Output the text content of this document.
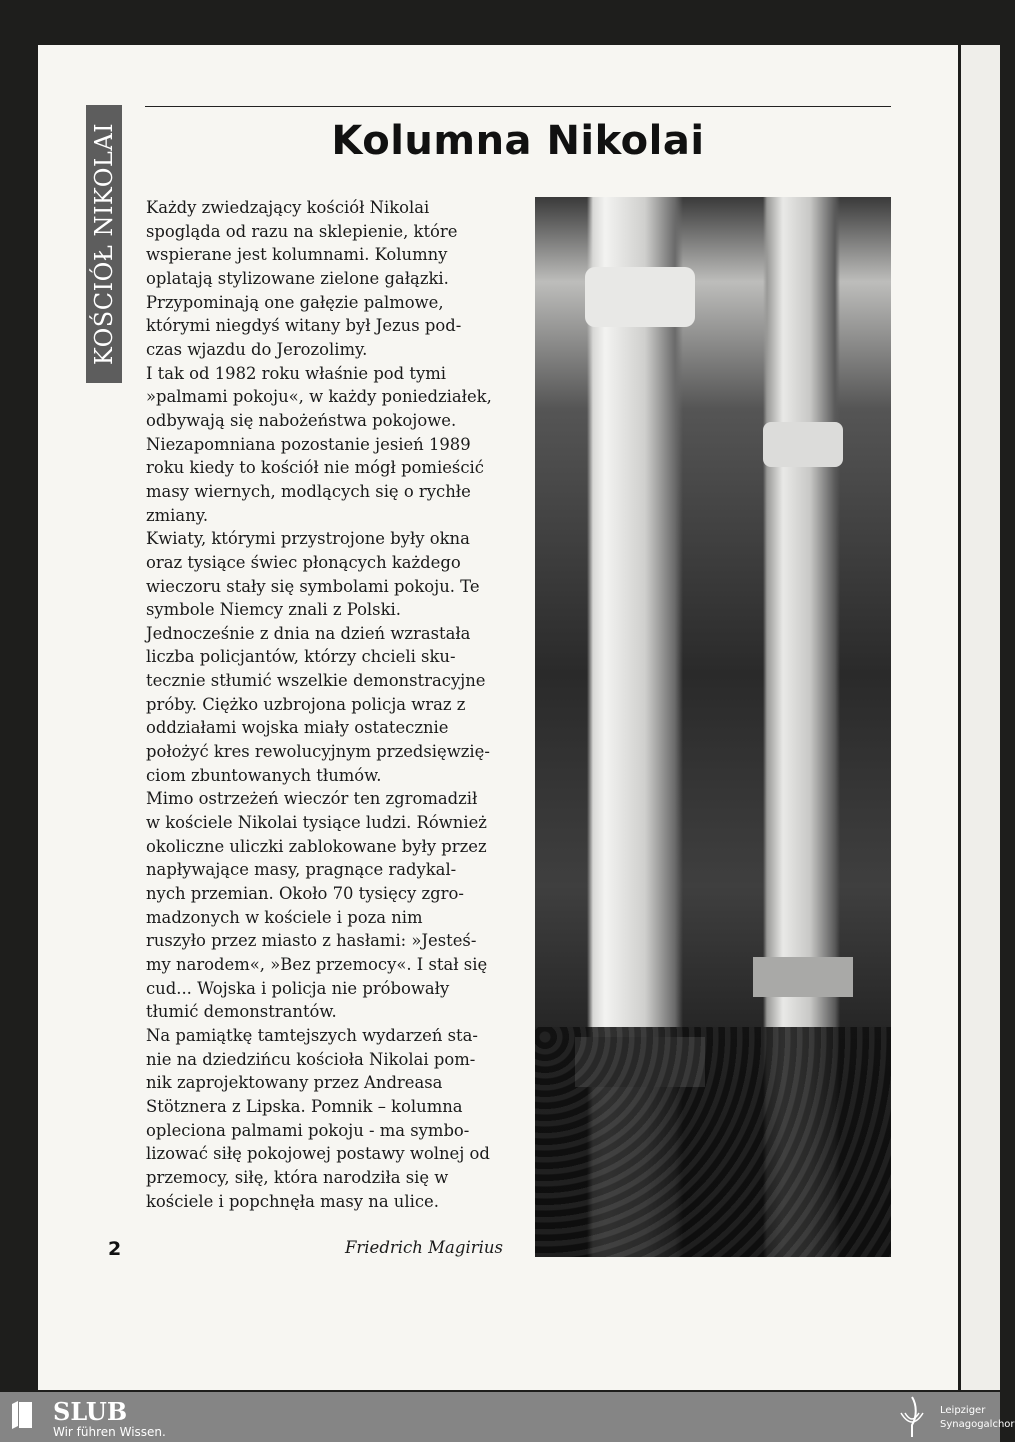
KOŚCIÓŁ NIKOLAI	Kolumna Nikolai
Każdy zwiedzający kościół Nikolai
spogląda od razu na sklepienie, które
wspierane jest kolumnami. Kolumny
oplatają stylizowane zielone gałązki.
Przypominają one gałęzie palmowe,
którymi niegdyś witany był Jezus pod-
czas wjazdu do Jerozolimy.
I tak od 1982 roku właśnie pod tymi
»palmami pokoju«, w każdy poniedziałek,
odbywają się nabożeństwa pokojowe.
Niezapomniana pozostanie jesień 1989
roku kiedy to kościół nie mógł pomieścić
masy wiernych, modlących się o rychłe
zmiany.
Kwiaty, którymi przystrojone były okna
oraz tysiące świec płonących każdego
wieczoru stały się symbolami pokoju. Te
symbole Niemcy znali z Polski.
Jednocześnie z dnia na dzień wzrastała
liczba policjantów, którzy chcieli sku-
tecznie stłumić wszelkie demonstracyjne
próby. Ciężko uzbrojona policja wraz z
oddziałami wojska miały ostatecznie
położyć kres rewolucyjnym przedsięwzię-
ciom zbuntowanych tłumów.
Mimo ostrzeżeń wieczór ten zgromadził
w kościele Nikolai tysiące ludzi. Również
okoliczne uliczki zablokowane były przez
napływające masy, pragnące radykal-
nych przemian. Około 70 tysięcy zgro-
madzonych w kościele i poza nim
ruszyło przez miasto z hasłami: »Jesteś-
my narodem«, »Bez przemocy«. I stał się
cud... Wojska i policja nie próbowały
tłumić demonstrantów.
Na pamiątkę tamtejszych wydarzeń sta-
nie na dziedzińcu kościoła Nikolai pom-
nik zaprojektowany przez Andreasa
Stötznera z Lipska. Pomnik – kolumna
opleciona palmami pokoju - ma symbo-
lizować siłę pokojowej postawy wolnej od
przemocy, siłę, która narodziła się w
kościele i popchnęła masy na ulice.
2	Friedrich Magirius
SLUB
Wir führen Wissen.
Leipziger
Synagogalchor
